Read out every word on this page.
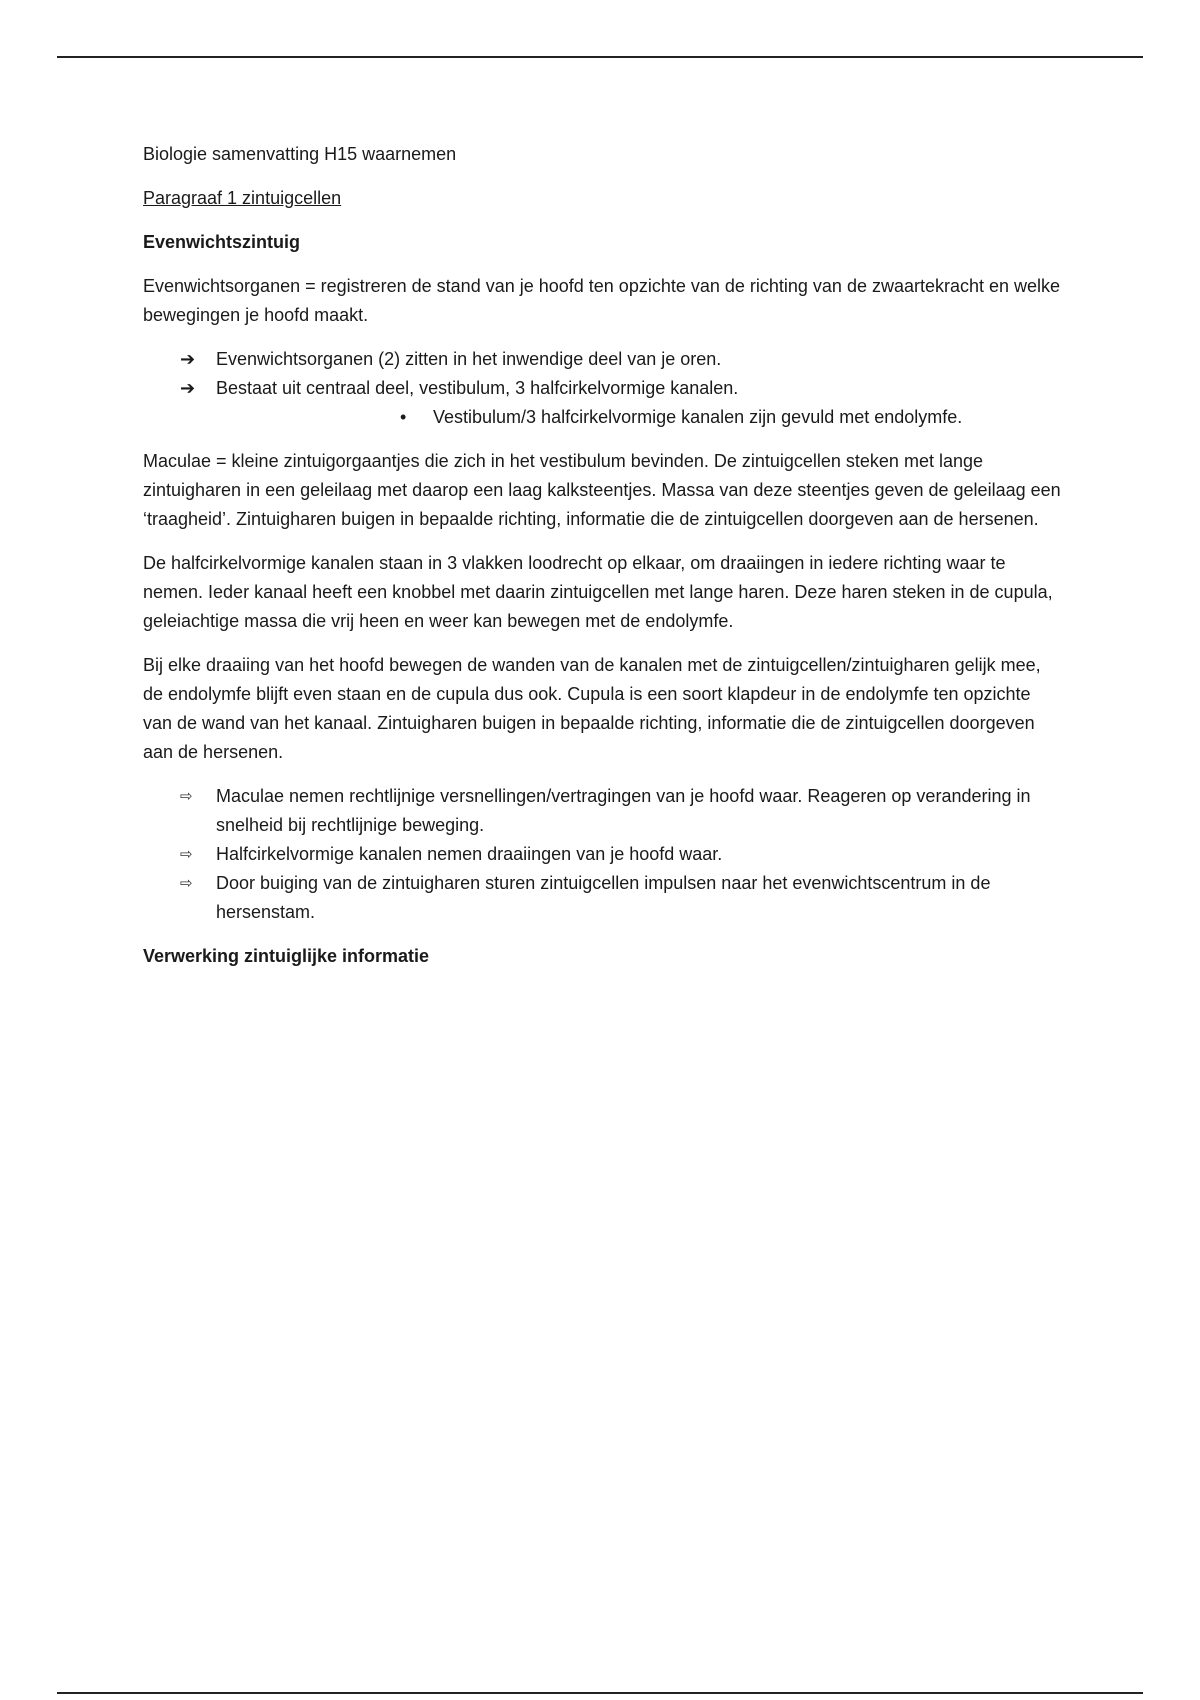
Biologie samenvatting H15 waarnemen

Paragraaf 1 zintuigcellen

Evenwichtszintuig

Evenwichtsorganen = registreren de stand van je hoofd ten opzichte van de richting van de zwaartekracht en welke bewegingen je hoofd maakt.

➔ Evenwichtsorganen (2) zitten in het inwendige deel van je oren.
➔ Bestaat uit centraal deel, vestibulum, 3 halfcirkelvormige kanalen.
• Vestibulum/3 halfcirkelvormige kanalen zijn gevuld met endolymfe.

Maculae = kleine zintuigorgaantjes die zich in het vestibulum bevinden. De zintuigcellen steken met lange zintuigharen in een geleilaag met daarop een laag kalksteentjes. Massa van deze steentjes geven de geleilaag een ‘traagheid’. Zintuigharen buigen in bepaalde richting, informatie die de zintuigcellen doorgeven aan de hersenen.

De halfcirkelvormige kanalen staan in 3 vlakken loodrecht op elkaar, om draaiingen in iedere richting waar te nemen. Ieder kanaal heeft een knobbel met daarin zintuigcellen met lange haren. Deze haren steken in de cupula, geleiachtige massa die vrij heen en weer kan bewegen met de endolymfe.

Bij elke draaiing van het hoofd bewegen de wanden van de kanalen met de zintuigcellen/zintuigharen gelijk mee, de endolymfe blijft even staan en de cupula dus ook. Cupula is een soort klapdeur in de endolymfe ten opzichte van de wand van het kanaal. Zintuigharen buigen in bepaalde richting, informatie die de zintuigcellen doorgeven aan de hersenen.

⇨ Maculae nemen rechtlijnige versnellingen/vertragingen van je hoofd waar. Reageren op verandering in snelheid bij rechtlijnige beweging.
⇨ Halfcirkelvormige kanalen nemen draaiingen van je hoofd waar.
⇨ Door buiging van de zintuigharen sturen zintuigcellen impulsen naar het evenwichtscentrum in de hersenstam.

Verwerking zintuiglijke informatie
